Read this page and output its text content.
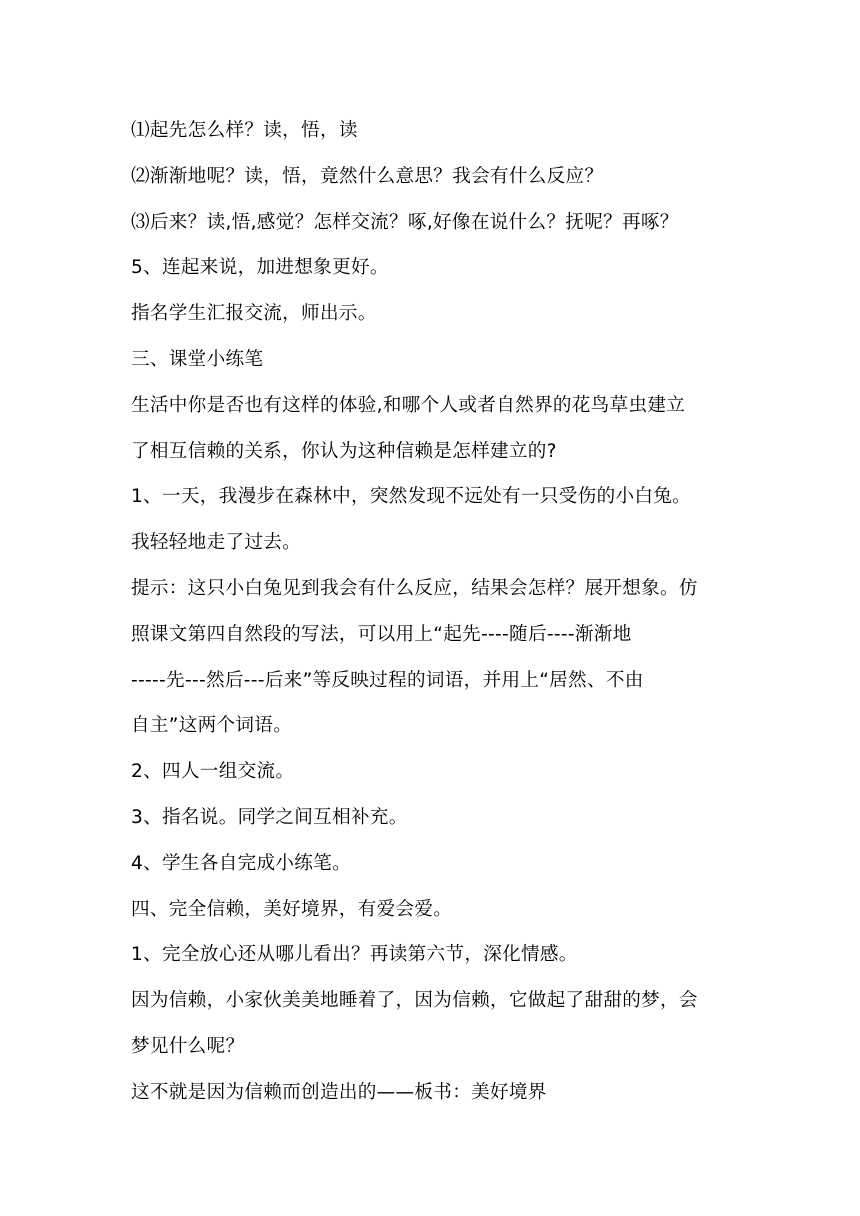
⑴起先怎么样？读，悟，读
⑵渐渐地呢？读，悟，竟然什么意思？我会有什么反应？
⑶后来？读,悟,感觉？怎样交流？啄,好像在说什么？抚呢？再啄？
5、连起来说，加进想象更好。
指名学生汇报交流，师出示。
三、课堂小练笔
生活中你是否也有这样的体验,和哪个人或者自然界的花鸟草虫建立
了相互信赖的关系，你认为这种信赖是怎样建立的?
1、一天，我漫步在森林中，突然发现不远处有一只受伤的小白兔。
我轻轻地走了过去。
提示：这只小白兔见到我会有什么反应，结果会怎样？展开想象。仿
照课文第四自然段的写法，可以用上“起先----随后----渐渐地
-----先---然后---后来”等反映过程的词语，并用上“居然、不由
自主”这两个词语。
2、四人一组交流。
3、指名说。同学之间互相补充。
4、学生各自完成小练笔。
四、完全信赖，美好境界，有爱会爱。
1、完全放心还从哪儿看出？再读第六节，深化情感。
因为信赖，小家伙美美地睡着了，因为信赖，它做起了甜甜的梦，会
梦见什么呢？
这不就是因为信赖而创造出的——板书：美好境界
